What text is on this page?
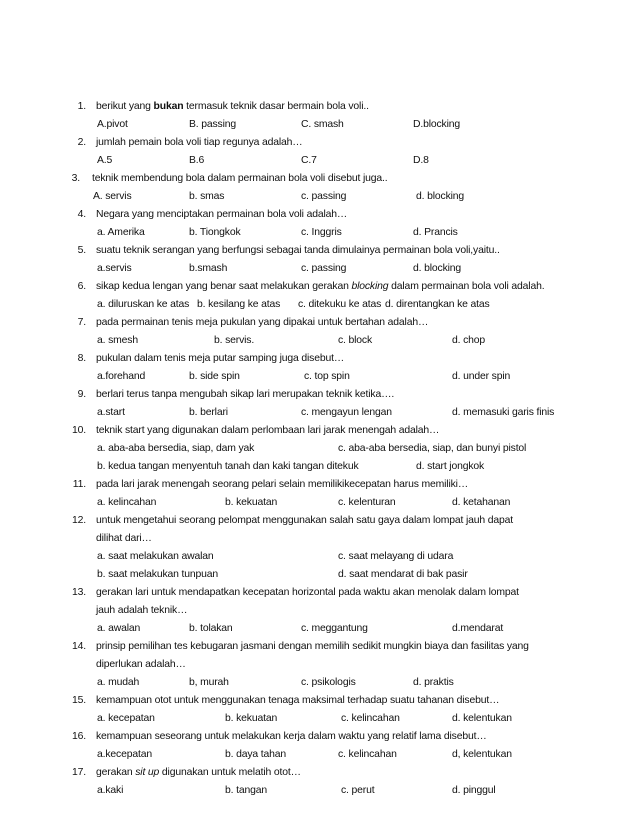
1. berikut yang bukan termasuk teknik dasar bermain bola voli..
A.pivot	B. passing	C. smash	D.blocking
2. jumlah pemain bola voli tiap regunya adalah…
A.5	B.6	C.7	D.8
3. teknik membendung bola dalam permainan bola voli disebut juga..
A. servis	b. smas	c. passing	d. blocking
4. Negara yang menciptakan permainan bola voli adalah…
a. Amerika	b. Tiongkok	c. Inggris	d. Prancis
5. suatu teknik serangan yang berfungsi sebagai tanda dimulainya permainan bola voli,yaitu..
a.servis	b.smash	c. passing	d. blocking
6. sikap kedua lengan yang benar saat melakukan gerakan blocking dalam permainan bola voli adalah.
a. diluruskan ke atas b. kesilang ke atas c. ditekuku ke atas d. direntangkan ke atas
7. pada permainan tenis meja pukulan yang dipakai untuk bertahan adalah…
a. smesh	b. servis.	c. block	d. chop
8. pukulan dalam tenis meja putar samping juga disebut…
a.forehand	b. side spin	c. top spin	d. under spin
9. berlari terus tanpa mengubah sikap lari merupakan teknik ketika….
a.start	b. berlari	c. mengayun lengan	d. memasuki garis finis
10. teknik start yang digunakan dalam perlombaan lari jarak menengah adalah…
a. aba-aba bersedia, siap, dam yak	c. aba-aba bersedia, siap, dan bunyi pistol
b. kedua tangan menyentuh tanah dan kaki tangan ditekuk	d. start jongkok
11. pada lari jarak menengah seorang pelari selain memilikikecepatan harus memiliki…
a. kelincahan	b. kekuatan	c. kelenturan	d. ketahanan
12. untuk mengetahui seorang pelompat menggunakan salah satu gaya dalam lompat jauh dapat
dilihat dari…
a. saat melakukan awalan	c. saat melayang di udara
b. saat melakukan tunpuan	d. saat mendarat di bak pasir
13. gerakan lari untuk mendapatkan kecepatan horizontal pada waktu akan menolak dalam lompat
jauh adalah teknik…
a. awalan	b. tolakan	c. meggantung	d.mendarat
14. prinsip pemilihan tes kebugaran jasmani dengan memilih sedikit mungkin biaya dan fasilitas yang
diperlukan adalah…
a. mudah	b, murah	c. psikologis	d. praktis
15. kemampuan otot untuk menggunakan tenaga maksimal terhadap suatu tahanan disebut…
a. kecepatan	b. kekuatan	c. kelincahan	d. kelentukan
16. kemampuan seseorang untuk melakukan kerja dalam waktu yang relatif lama disebut…
a.kecepatan	b. daya tahan	c. kelincahan	d, kelentukan
17. gerakan sit up digunakan untuk melatih otot…
a.kaki	b. tangan	c. perut	d. pinggul
